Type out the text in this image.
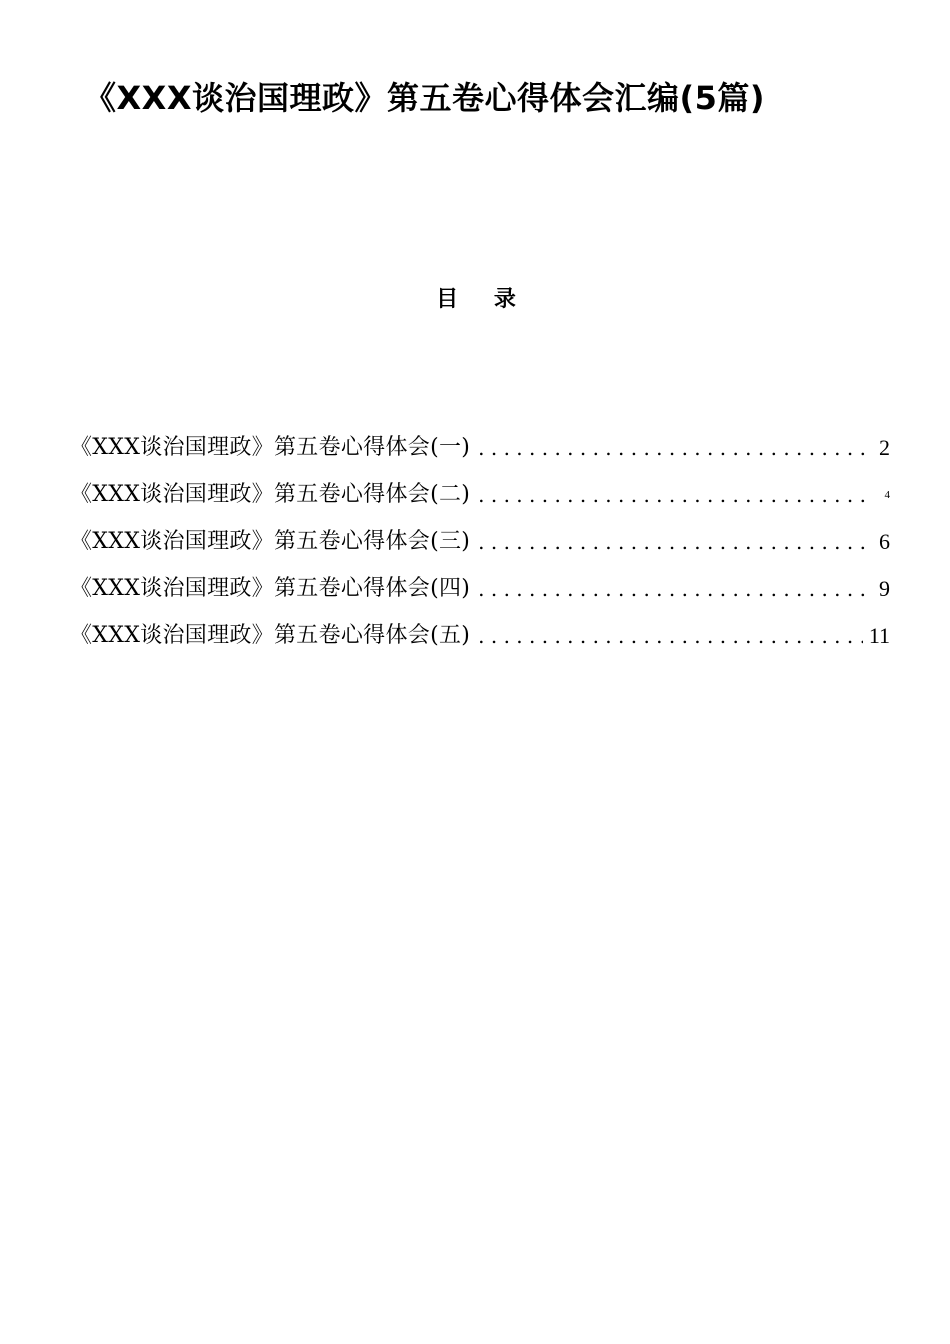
《XXX谈治国理政》第五卷心得体会汇编(5篇)
目 录
《XXX谈治国理政》第五卷心得体会(一) . . .	2
《XXX谈治国理政》第五卷心得体会(二) . . .	4
《XXX谈治国理政》第五卷心得体会(三) . . .	6
《XXX谈治国理政》第五卷心得体会(四) . . .	9
《XXX谈治国理政》第五卷心得体会(五) . . .	11
